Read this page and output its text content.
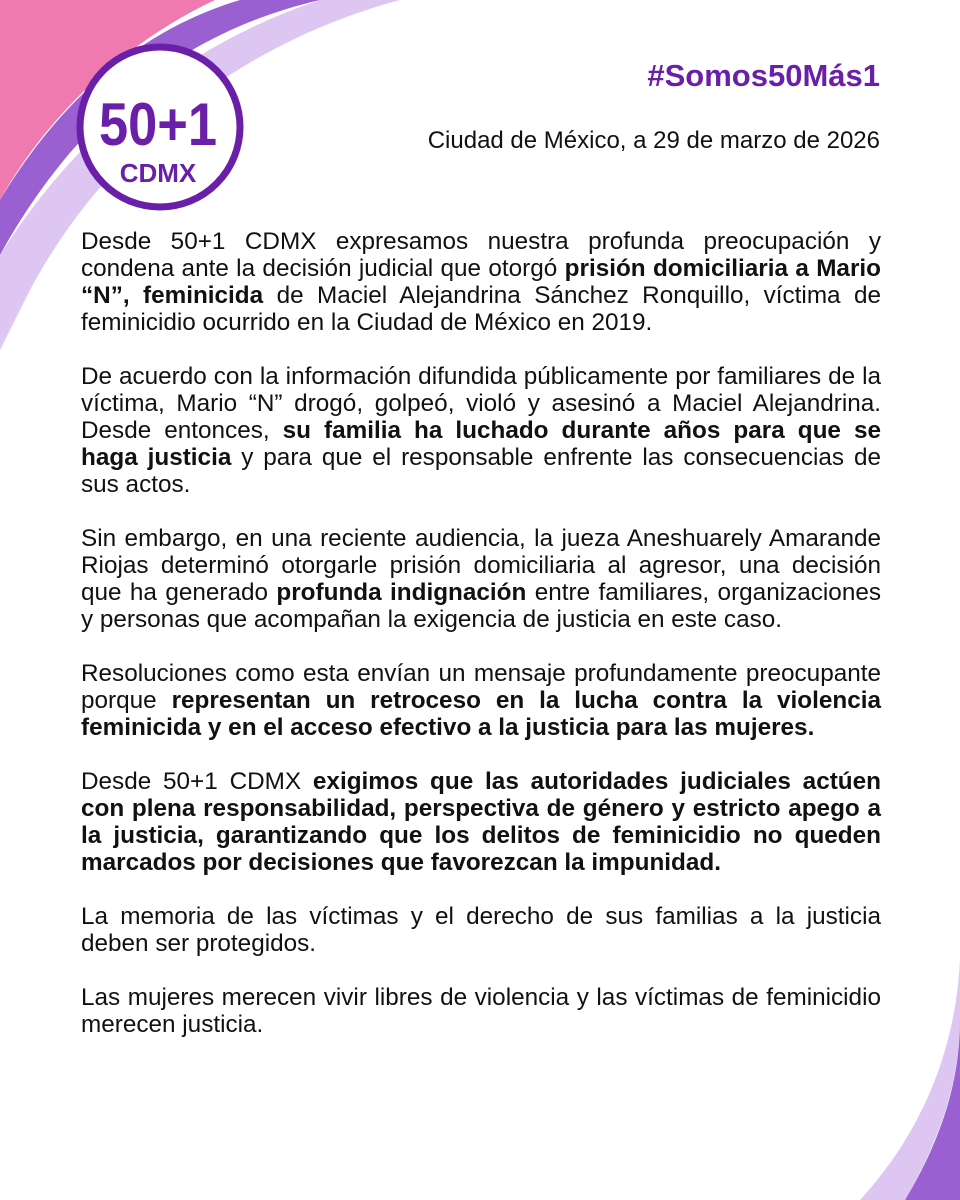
50+1
CDMX

#Somos50Más1

Ciudad de México, a 29 de marzo de 2026

Desde 50+1 CDMX expresamos nuestra profunda preocupación y condena ante la decisión judicial que otorgó prisión domiciliaria a Mario “N”, feminicida de Maciel Alejandrina Sánchez Ronquillo, víctima de feminicidio ocurrido en la Ciudad de México en 2019.

De acuerdo con la información difundida públicamente por familiares de la víctima, Mario “N” drogó, golpeó, violó y asesinó a Maciel Alejandrina. Desde entonces, su familia ha luchado durante años para que se haga justicia y para que el responsable enfrente las consecuencias de sus actos.

Sin embargo, en una reciente audiencia, la jueza Aneshuarely Amarande Riojas determinó otorgarle prisión domiciliaria al agresor, una decisión que ha generado profunda indignación entre familiares, organizaciones y personas que acompañan la exigencia de justicia en este caso.

Resoluciones como esta envían un mensaje profundamente preocupante porque representan un retroceso en la lucha contra la violencia feminicida y en el acceso efectivo a la justicia para las mujeres.

Desde 50+1 CDMX exigimos que las autoridades judiciales actúen con plena responsabilidad, perspectiva de género y estricto apego a la justicia, garantizando que los delitos de feminicidio no queden marcados por decisiones que favorezcan la impunidad.

La memoria de las víctimas y el derecho de sus familias a la justicia deben ser protegidos.

Las mujeres merecen vivir libres de violencia y las víctimas de feminicidio merecen justicia.
